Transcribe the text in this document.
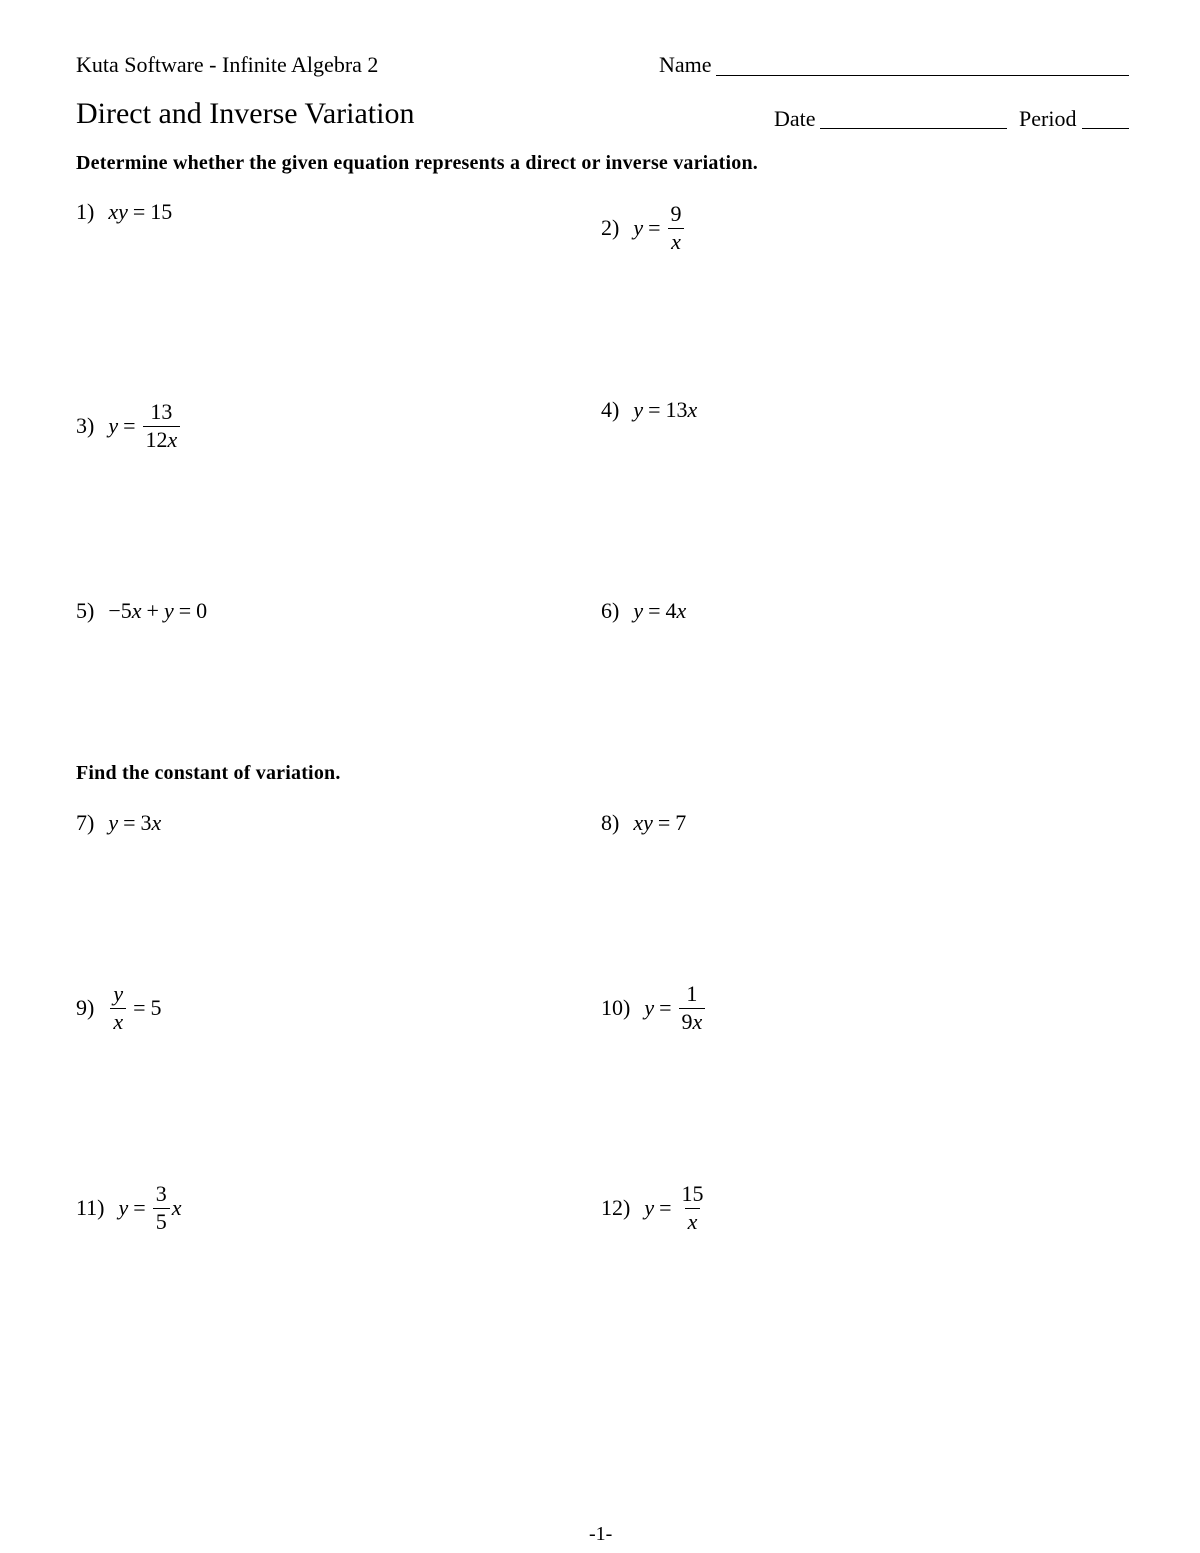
Kuta Software - Infinite Algebra 2	Name
Direct and Inverse Variation	Date	Period
Determine whether the given equation represents a direct or inverse variation.
1) xy = 15
2) $y = \frac{9}{x}$
3) $y = \frac{13}{12x}$	4) y = 13 x
5) −5 x + y = 0	6) y = 4 x
Find the constant of variation.
7) y = 3 x	8) xy = 7
$9) \frac{y}{x} = 5$	10) $y = \frac{1}{9x}$
11) $y = \frac{3}{5}$ x	12) $y = \frac{15}{x}$
-1-
